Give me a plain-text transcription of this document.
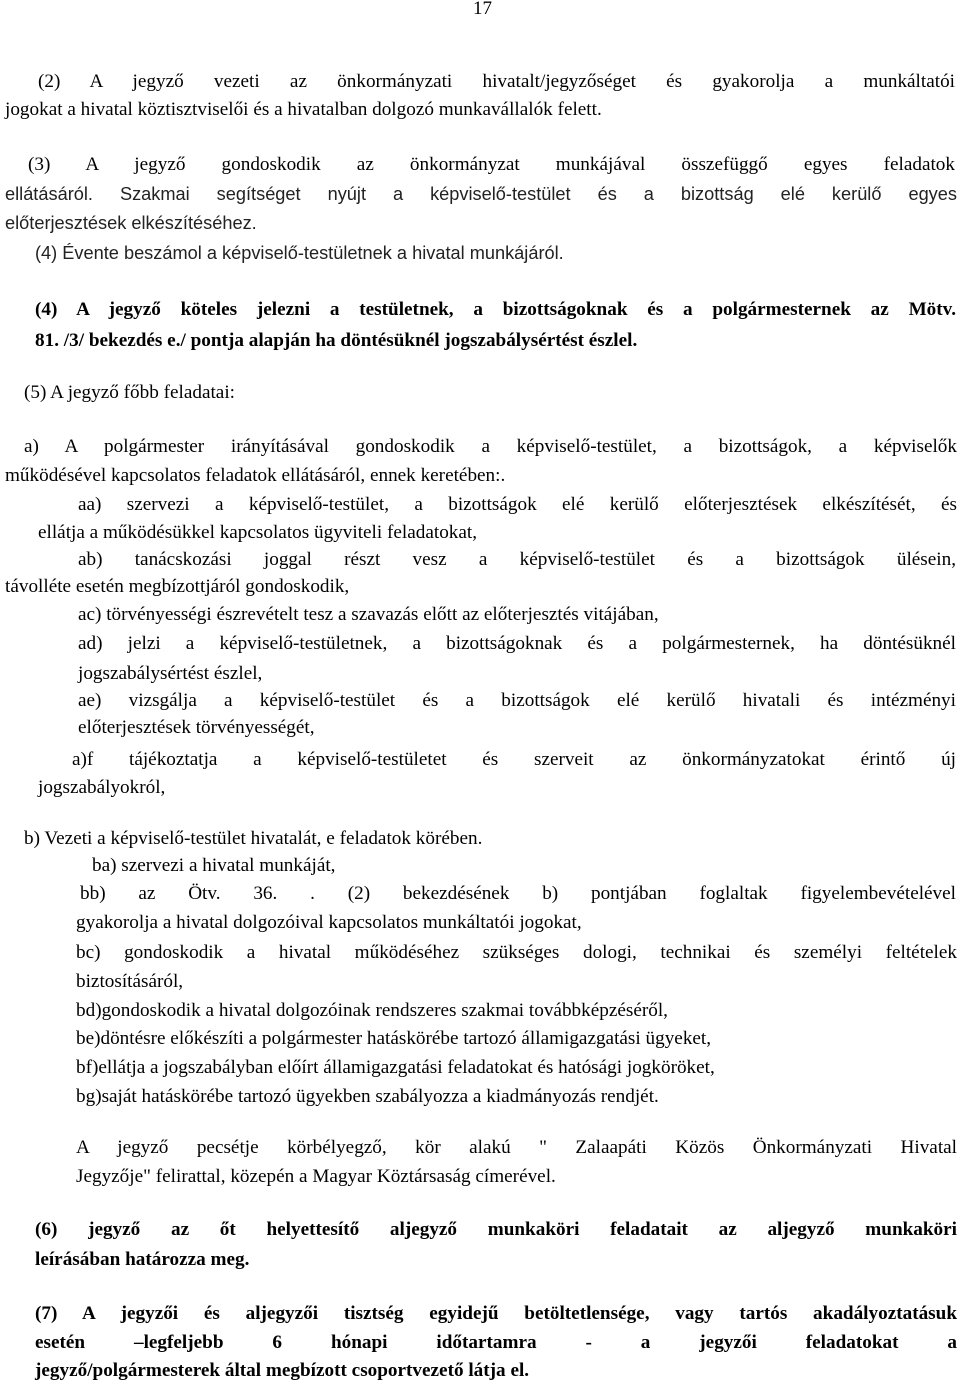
17
(2) A jegyző vezeti az önkormányzati hivatalt/jegyzőséget és gyakorolja a munkáltatói
jogokat a hivatal köztisztviselői és a hivatalban dolgozó munkavállalók felett.
(3) A jegyző gondoskodik az önkormányzat munkájával összefüggő egyes feladatok
ellátásáról. Szakmai segítséget nyújt a képviselő-testület és a bizottság elé kerülő egyes
előterjesztések elkészítéséhez.
(4) Évente beszámol a képviselő-testületnek a hivatal munkájáról.
(4) A jegyző köteles jelezni a testületnek, a bizottságoknak és a polgármesternek az Mötv.
81. /3/ bekezdés e./ pontja alapján ha döntésüknél jogszabálysértést észlel.
(5) A jegyző főbb feladatai:
a) A polgármester irányításával gondoskodik a képviselő-testület, a bizottságok, a képviselők
működésével kapcsolatos feladatok ellátásáról, ennek keretében:.
aa) szervezi a képviselő-testület, a bizottságok elé kerülő előterjesztések elkészítését, és
ellátja a működésükkel kapcsolatos ügyviteli feladatokat,
ab) tanácskozási joggal részt vesz a képviselő-testület és a bizottságok ülésein,
távolléte esetén megbízottjáról gondoskodik,
ac) törvényességi észrevételt tesz a szavazás előtt az előterjesztés vitájában,
ad) jelzi a képviselő-testületnek, a bizottságoknak és a polgármesternek, ha döntésüknél
jogszabálysértést észlel,
ae) vizsgálja a képviselő-testület és a bizottságok elé kerülő hivatali és intézményi
előterjesztések törvényességét,
a)f tájékoztatja a képviselő-testületet és szerveit az önkormányzatokat érintő új
jogszabályokról,
b) Vezeti a képviselő-testület hivatalát, e feladatok körében.
ba) szervezi a hivatal munkáját,
bb) az Ötv. 36. . (2) bekezdésének b) pontjában foglaltak figyelembevételével
gyakorolja a hivatal dolgozóival kapcsolatos munkáltatói jogokat,
bc) gondoskodik a hivatal működéséhez szükséges dologi, technikai és személyi feltételek
biztosításáról,
bd)gondoskodik a hivatal dolgozóinak rendszeres szakmai továbbképzéséről,
be)döntésre előkészíti a polgármester hatáskörébe tartozó államigazgatási ügyeket,
bf)ellátja a jogszabályban előírt államigazgatási feladatokat és hatósági jogköröket,
bg)saját hatáskörébe tartozó ügyekben szabályozza a kiadmányozás rendjét.
A jegyző pecsétje körbélyegző, kör alakú " Zalaapáti Közös Önkormányzati Hivatal
Jegyzője" felirattal, közepén a Magyar Köztársaság címerével.
(6) jegyző az őt helyettesítő aljegyző munkaköri feladatait az aljegyző munkaköri
leírásában határozza meg.
(7) A jegyzői és aljegyzői tisztség egyidejű betöltetlensége, vagy tartós akadályoztatásuk
esetén –legfeljebb 6 hónapi időtartamra - a jegyzői feladatokat a
jegyző/polgármesterek által megbízott csoportvezető látja el.
